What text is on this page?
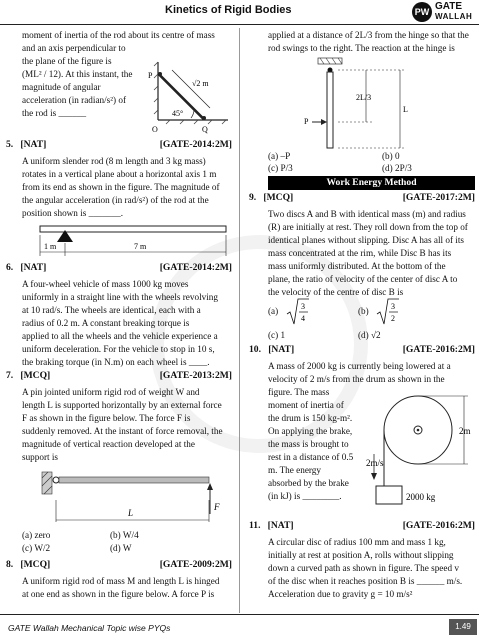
Kinetics of Rigid Bodies	PW GATE
WALLAH

moment of inertia of the rod about its centre of mass

and an axis perpendicular to

the plane of the figure is

(ML² / 12). At this instant, the

magnitude of angular

acceleration (in radian/s²) of

the rod is ______

P
√2 m
45°
O	Q
5. [NAT]	[GATE-2014:2M]

A uniform slender rod (8 m length and 3 kg mass)

rotates in a vertical plane about a horizontal axis 1 m

from its end as shown in the figure. The magnitude of

the angular acceleration (in rad/s²) of the rod at the

position shown is _______.

1 m	7 m
6. [NAT]	[GATE-2014:2M]

A four-wheel vehicle of mass 1000 kg moves

uniformly in a straight line with the wheels revolving

at 10 rad/s. The wheels are identical, each with a

radius of 0.2 m. A constant breaking torque is

applied to all the wheels and the vehicle experience a

uniform deceleration. For the vehicle to stop in 10 s,

the braking torque (in N.m) on each wheel is ____.

7. [MCQ]	[GATE-2013:2M]

A pin jointed uniform rigid rod of weight W and

length L is supported horizontally by an external force

F as shown in the figure below. The force F is

suddenly removed. At the instant of force removal, the

magnitude of vertical reaction developed at the

support is

L
F
(a) zero	(b) W/4
(c) W/2	(d) W
8. [MCQ]	[GATE-2009:2M]

A uniform rigid rod of mass M and length L is hinged

at one end as shown in the figure below. A force P is

applied at a distance of 2L/3 from the hinge so that the

rod swings to the right. The reaction at the hinge is

2L/3
L
P
(a) –P	(b) 0
(c) P/3	(d) 2P/3
Work Energy Method
9. [MCQ]	[GATE-2017:2M]

Two discs A and B with identical mass (m) and radius

(R) are initially at rest. They roll down from the top of

identical planes without slipping. Disc A has all of its

mass concentrated at the rim, while Disc B has its

mass uniformly distributed. At the bottom of the

plane, the ratio of velocity of the center of disc A to

the velocity of the centre of disc B is

(a)	3
4
(b)	3
2
(c) 1	(d) √2
10. [NAT]	[GATE-2016:2M]

A mass of 2000 kg is currently being lowered at a

velocity of 2 m/s from the drum as shown in the

figure. The mass

moment of inertia of

the drum is 150 kg-m².

On applying the brake,

the mass is brought to

rest in a distance of 0.5

m. The energy

absorbed by the brake

(in kJ) is ________.

2m
2m/s
2000 kg
11. [NAT]	[GATE-2016:2M]

A circular disc of radius 100 mm and mass 1 kg,

initially at rest at position A, rolls without slipping

down a curved path as shown in figure. The speed v

of the disc when it reaches position B is ______ m/s.

Acceleration due to gravity g = 10 m/s²

GATE Wallah Mechanical Topic wise PYQs	1.49
